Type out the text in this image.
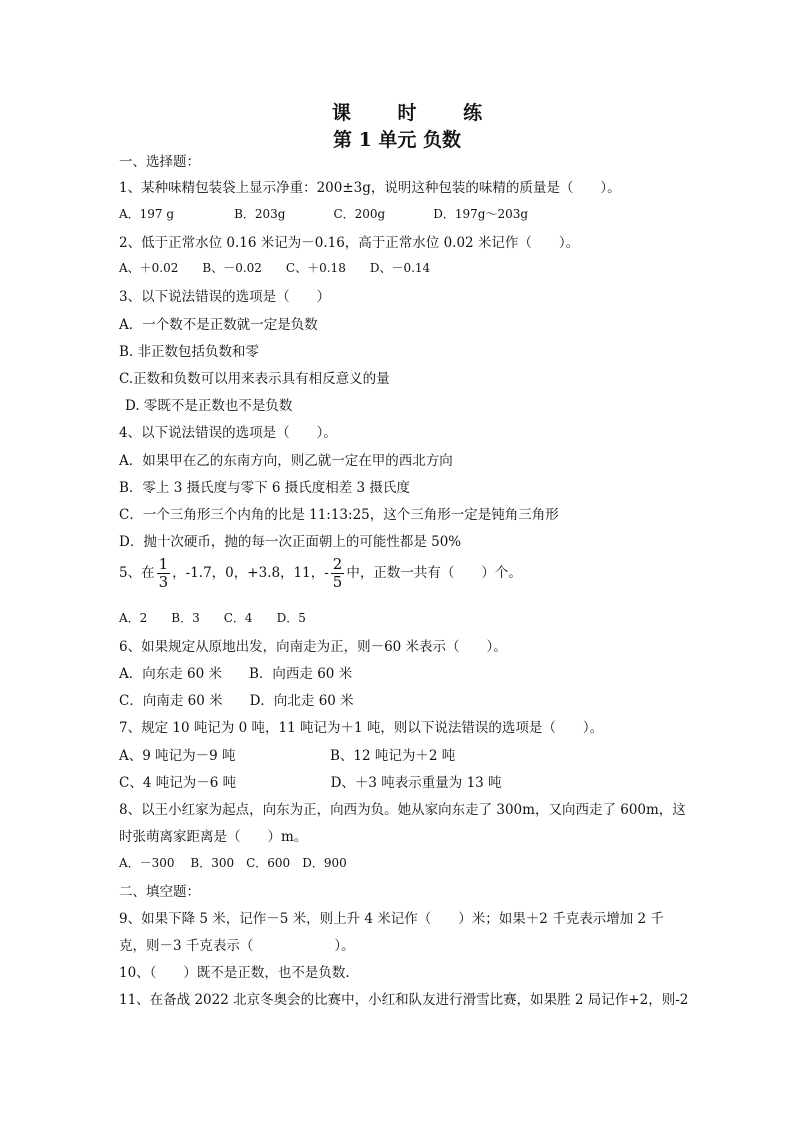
课 时 练
第 1 单元 负数
一、选择题：
1、某种味精包装袋上显示净重：200±3g，说明这种包装的味精的质量是（　　）。
A．197 g　　　　　B．203g　　　　C．200g　　　　D．197g～203g
2、低于正常水位 0.16 米记为－0.16，高于正常水位 0.02 米记作（　　）。
A、＋0.02　　B、－0.02　　C、＋0.18　　D、－0.14
3、以下说法错误的选项是（　　）
A．一个数不是正数就一定是负数
B. 非正数包括负数和零
C.正数和负数可以用来表示具有相反意义的量
D. 零既不是正数也不是负数
4、以下说法错误的选项是（　　）。
A．如果甲在乙的东南方向，则乙就一定在甲的西北方向
B．零上 3 摄氏度与零下 6 摄氏度相差 3 摄氏度
C．一个三角形三个内角的比是 11:13:25，这个三角形一定是钝角三角形
D．抛十次硬币，抛的每一次正面朝上的可能性都是 50%
5、在 $\frac{1}{3}$ ，-1.7，0，+3.8，11，- $\frac{2}{5}$ 中，正数一共有（　　）个。
A．2　　B．3　　C．4　　D．5
6、如果规定从原地出发，向南走为正，则－60 米表示（　　）。
A．向东走 60 米　　B．向西走 60 米
C．向南走 60 米　　D．向北走 60 米
7、规定 10 吨记为 0 吨，11 吨记为＋1 吨，则以下说法错误的选项是（　　）。
A、9 吨记为－9 吨　　　　　　　B、12 吨记为＋2 吨
C、4 吨记为－6 吨　　　　　　　D、＋3 吨表示重量为 13 吨
8、以王小红家为起点，向东为正，向西为负。她从家向东走了 300m，又向西走了 600m，这
时张萌离家距离是（　　）m。
A．－300　 B．300　C．600　D．900
二、填空题：
9、如果下降 5 米，记作－5 米，则上升 4 米记作（　　）米；如果＋2 千克表示增加 2 千
克，则－3 千克表示（　　　　　　）。
10、（　　）既不是正数，也不是负数.
11、在备战 2022 北京冬奥会的比赛中，小红和队友进行滑雪比赛，如果胜 2 局记作+2，则-2
